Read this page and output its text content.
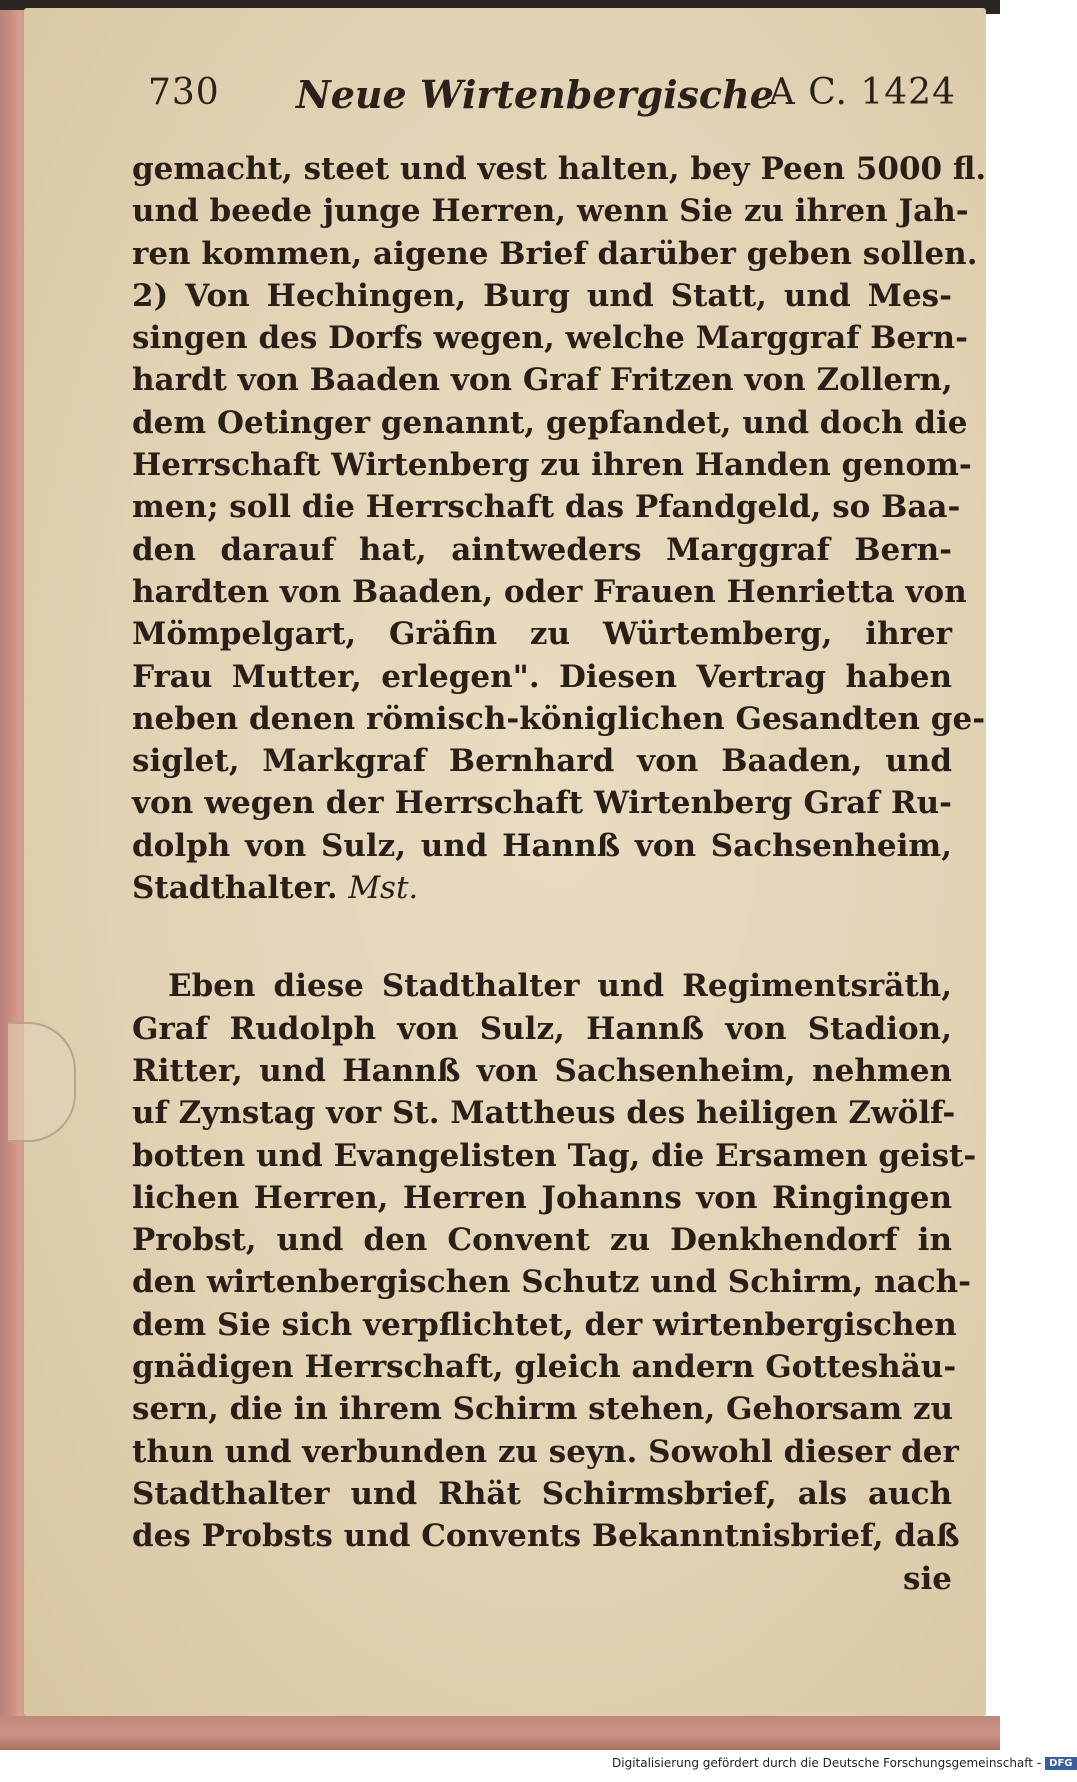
730 Neue Wirtenbergische
A C. 1424
gemacht, steet und vest halten, bey Peen 5000 fl.
und beede junge Herren, wenn Sie zu ihren Jah-
ren kommen, aigene Brief darüber geben sollen.
2) Von Hechingen, Burg und Statt, und Mes-
singen des Dorfs wegen, welche Marggraf Bern-
hardt von Baaden von Graf Fritzen von Zollern,
dem Oetinger genannt, gepfandet, und doch die
Herrschaft Wirtenberg zu ihren Handen genom-
men; soll die Herrschaft das Pfandgeld, so Baa-
den darauf hat, aintweders Marggraf Bern-
hardten von Baaden, oder Frauen Henrietta von
Mömpelgart, Gräfin zu Würtemberg, ihrer
Frau Mutter, erlegen". Diesen Vertrag haben
neben denen römisch-königlichen Gesandten ge-
siglet, Markgraf Bernhard von Baaden, und
von wegen der Herrschaft Wirtenberg Graf Ru-
dolph von Sulz, und Hannß von Sachsenheim,
Stadthalter. Mst.
Eben diese Stadthalter und Regimentsräth,
Graf Rudolph von Sulz, Hannß von Stadion,
Ritter, und Hannß von Sachsenheim, nehmen
uf Zynstag vor St. Mattheus des heiligen Zwölf-
botten und Evangelisten Tag, die Ersamen geist-
lichen Herren, Herren Johanns von Ringingen
Probst, und den Convent zu Denkhendorf in
den wirtenbergischen Schutz und Schirm, nach-
dem Sie sich verpflichtet, der wirtenbergischen
gnädigen Herrschaft, gleich andern Gotteshäu-
sern, die in ihrem Schirm stehen, Gehorsam zu
thun und verbunden zu seyn. Sowohl dieser der
Stadthalter und Rhät Schirmsbrief, als auch
des Probsts und Convents Bekanntnisbrief, daß
sie
Digitalisierung gefördert durch die Deutsche Forschungsgemeinschaft - DFG
